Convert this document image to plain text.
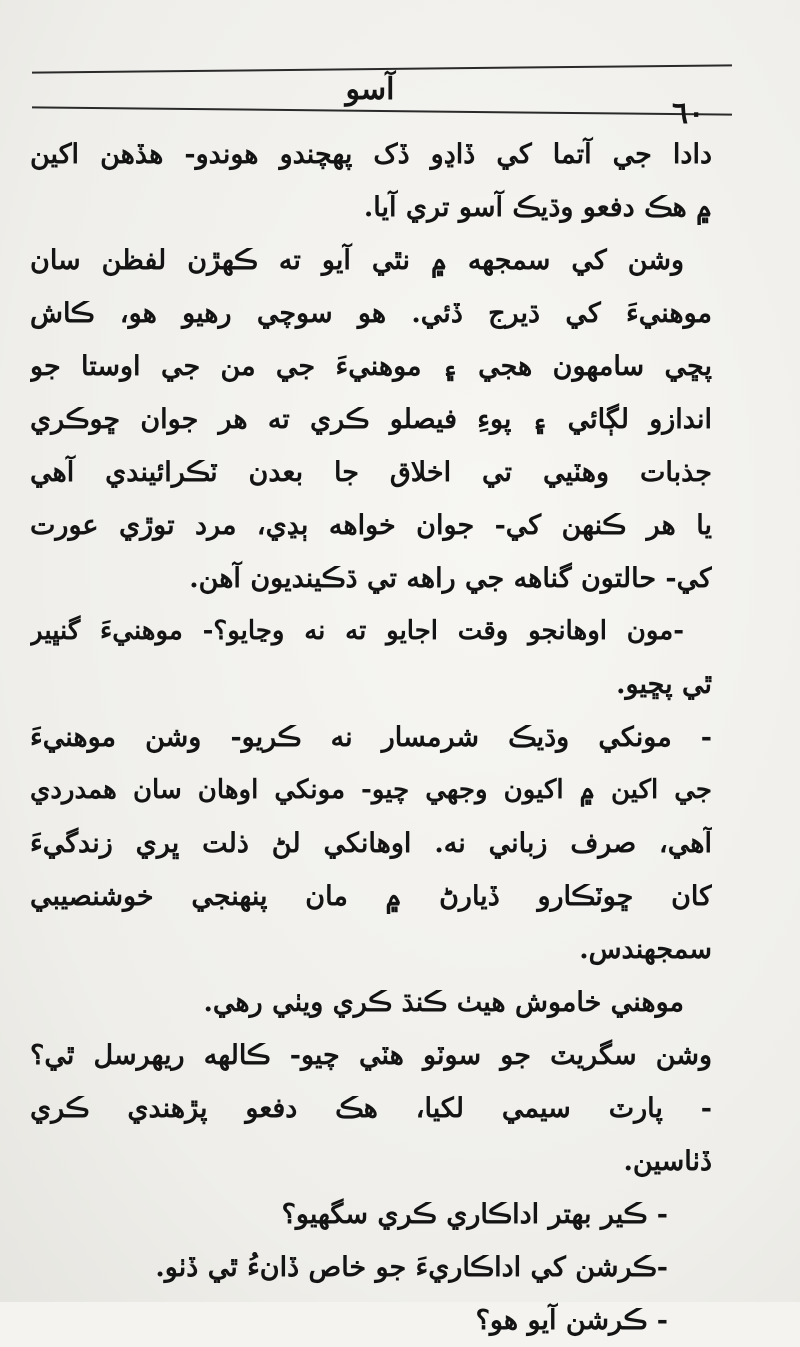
آسو
٦٠
دادا جي آتما کي ڏاڍو ڏک پهچندو هوندو- هڏهن اکين
۾ هڪ دفعو وڌيڪ آسو تري آيا.
وشن کي سمجهه ۾ نٿي آيو ته ڪهڙن لفظن سان
موهنيءَ کي ڌيرج ڏئي. هو سوچي رهيو هو، ڪاش
پڇي سامهون هجي ۽ موهنيءَ جي من جي اوستا جو
اندازو لڳائي ۽ پوءِ فيصلو ڪري ته هر جوان ڇوڪري
جذبات وهٽيي تي اخلاق جا بعدن ٽڪرائيندي آهي
يا هر ڪنهن کي- جوان خواهه ٻڍي، مرد توڙي عورت
کي- حالتون گناهه جي راهه تي ڌڪينديون آهن.
-مون اوهانجو وقت اجايو ته نه وڃايو؟- موهنيءَ گنڀير
ٿي پڇيو.
- مونکي وڌيڪ شرمسار نه ڪريو- وشن موهنيءَ
جي اکين ۾ اکيون وجهي چيو- مونکي اوهان سان همدردي
آهي، صرف زباني نه. اوهانکي لڻ ذلت ڀري زندگيءَ
کان ڇوٽڪارو ڏيارڻ ۾ مان پنهنجي خوشنصيبي
سمجهندس.
موهني خاموش هيٺ ڪنڌ ڪري ويٺي رهي.
وشن سگريٽ جو سوٽو هٽي چيو- ڪالهه ريهرسل ٿي؟
- پارٽ سيمي لکيا، هڪ دفعو پڙهندي ڪري
ڏٺاسين.
- ڪير بهتر اداڪاري ڪري سگهيو؟
-ڪرشن کي اداڪاريءَ جو خاص ڏانءُ ٿي ڏٺو.
- ڪرشن آيو هو؟
